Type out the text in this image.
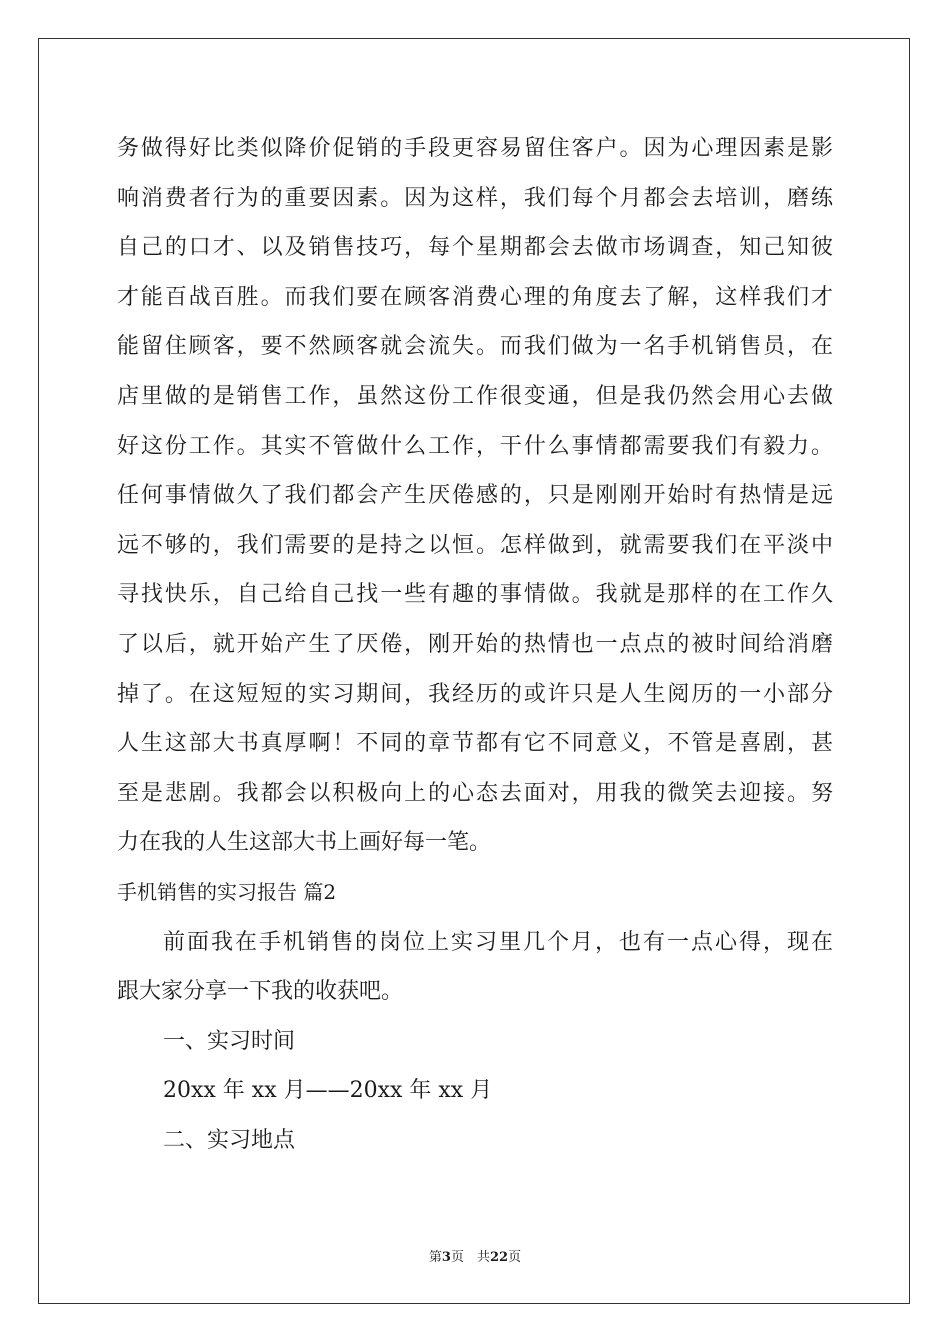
务做得好比类似降价促销的手段更容易留住客户。因为心理因素是影
响消费者行为的重要因素。因为这样，我们每个月都会去培训，磨练
自己的口才、以及销售技巧，每个星期都会去做市场调查，知己知彼
才能百战百胜。而我们要在顾客消费心理的角度去了解，这样我们才
能留住顾客，要不然顾客就会流失。而我们做为一名手机销售员，在
店里做的是销售工作，虽然这份工作很变通，但是我仍然会用心去做
好这份工作。其实不管做什么工作，干什么事情都需要我们有毅力。
任何事情做久了我们都会产生厌倦感的，只是刚刚开始时有热情是远
远不够的，我们需要的是持之以恒。怎样做到，就需要我们在平淡中
寻找快乐，自己给自己找一些有趣的事情做。我就是那样的在工作久
了以后，就开始产生了厌倦，刚开始的热情也一点点的被时间给消磨
掉了。在这短短的实习期间，我经历的或许只是人生阅历的一小部分
人生这部大书真厚啊！不同的章节都有它不同意义，不管是喜剧，甚
至是悲剧。我都会以积极向上的心态去面对，用我的微笑去迎接。努
力在我的人生这部大书上画好每一笔。
手机销售的实习报告 篇2
前面我在手机销售的岗位上实习里几个月，也有一点心得，现在
跟大家分享一下我的收获吧。
一、实习时间
20xx 年 xx 月——20xx 年 xx 月
二、实习地点
第3页　共22页
